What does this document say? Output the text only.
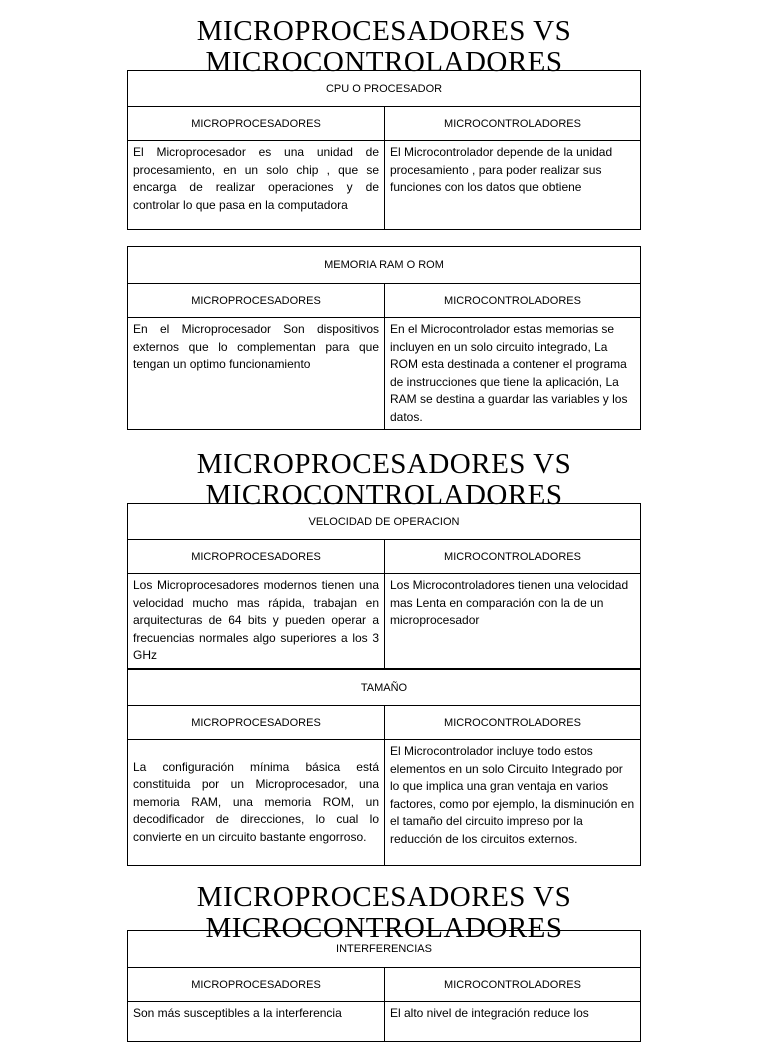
MICROPROCESADORES VS
MICROCONTROLADORES
CPU O PROCESADOR	
MICROPROCESADORES	MICROCONTROLADORES
El Microprocesador es una unidad de procesamiento, en un solo chip , que se encarga de realizar operaciones y de controlar lo que pasa en la computadora	El Microcontrolador depende de la unidad procesamiento , para poder realizar sus funciones con los datos que obtiene
MEMORIA RAM O ROM	
MICROPROCESADORES	MICROCONTROLADORES
En el Microprocesador Son dispositivos externos que lo complementan para que tengan un optimo funcionamiento	En el Microcontrolador estas memorias se incluyen en un solo circuito integrado, La ROM esta destinada a contener el programa de instrucciones que tiene la aplicación, La RAM se destina a guardar las variables y los datos.
MICROPROCESADORES VS
MICROCONTROLADORES
VELOCIDAD DE OPERACION	
MICROPROCESADORES	MICROCONTROLADORES
Los Microprocesadores modernos tienen una velocidad mucho mas rápida, trabajan en arquitecturas de 64 bits y pueden operar a frecuencias normales algo superiores a los 3 GHz	Los Microcontroladores tienen una velocidad mas Lenta en comparación con la de un microprocesador
TAMAÑO	
MICROPROCESADORES	MICROCONTROLADORES
La configuración mínima básica está constituida por un Microprocesador, una memoria RAM, una memoria ROM, un decodificador de direcciones, lo cual lo convierte en un circuito bastante engorroso.	El Microcontrolador incluye todo estos elementos en un solo Circuito Integrado por lo que implica una gran ventaja en varios factores, como por ejemplo, la disminución en el tamaño del circuito impreso por la reducción de los circuitos externos.
MICROPROCESADORES VS
MICROCONTROLADORES
INTERFERENCIAS	
MICROPROCESADORES	MICROCONTROLADORES
Son más susceptibles a la interferencia	El alto nivel de integración reduce los
